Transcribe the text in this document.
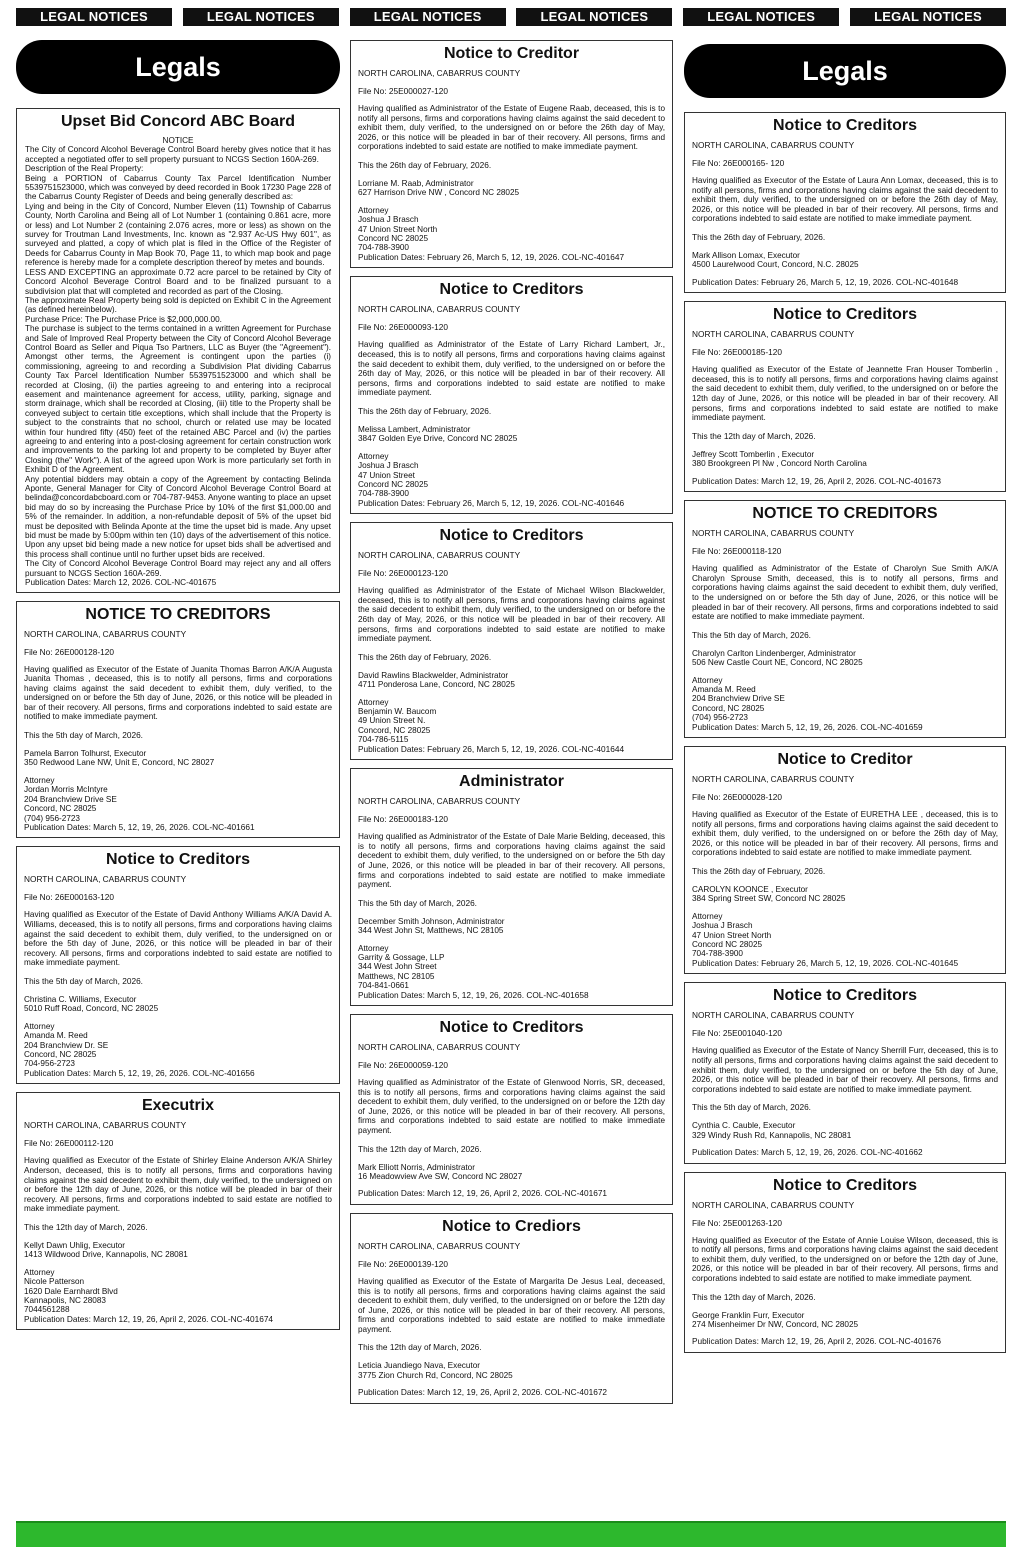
LEGAL NOTICES	LEGAL NOTICES	LEGAL NOTICES	LEGAL NOTICES	LEGAL NOTICES	LEGAL NOTICES
Legals
Upset Bid Concord ABC Board
NOTICE
The City of Concord Alcohol Beverage Control Board hereby gives notice that it has accepted a negotiated offer to sell property pursuant to NCGS Section 160A-269.
Description of the Real Property:
Being a PORTION of Cabarrus County Tax Parcel Identification Number 5539751523000, which was conveyed by deed recorded in Book 17230 Page 228 of the Cabarrus County Register of Deeds and being generally described as:
Lying and being in the City of Concord, Number Eleven (11) Township of Cabarrus County, North Carolina and Being all of Lot Number 1 (containing 0.861 acre, more or less) and Lot Number 2 (containing 2.076 acres, more or less) as shown on the survey for Troutman Land Investments, Inc. known as "2.937 Ac-US Hwy 601", as surveyed and platted, a copy of which plat is filed in the Office of the Register of Deeds for Cabarrus County in Map Book 70, Page 11, to which map book and page reference is hereby made for a complete description thereof by metes and bounds.
LESS AND EXCEPTING an approximate 0.72 acre parcel to be retained by City of Concord Alcohol Beverage Control Board and to be finalized pursuant to a subdivision plat that will completed and recorded as part of the Closing.
The approximate Real Property being sold is depicted on Exhibit C in the Agreement (as defined hereinbelow).
Purchase Price: The Purchase Price is $2,000,000.00.
The purchase is subject to the terms contained in a written Agreement for Purchase and Sale of Improved Real Property between the City of Concord Alcohol Beverage Control Board as Seller and Piqua Tso Partners, LLC as Buyer (the "Agreement"). Amongst other terms, the Agreement is contingent upon the parties (i) commissioning, agreeing to and recording a Subdivision Plat dividing Cabarrus County Tax Parcel Identification Number 5539751523000 and which shall be recorded at Closing, (ii) the parties agreeing to and entering into a reciprocal easement and maintenance agreement for access, utility, parking, signage and storm drainage, which shall be recorded at Closing, (iii) title to the Property shall be conveyed subject to certain title exceptions, which shall include that the Property is subject to the constraints that no school, church or related use may be located within four hundred fifty (450) feet of the retained ABC Parcel and (iv) the parties agreeing to and entering into a post-closing agreement for certain construction work and improvements to the parking lot and property to be completed by Buyer after Closing (the" Work"). A list of the agreed upon Work is more particularly set forth in Exhibit D of the Agreement.
Any potential bidders may obtain a copy of the Agreement by contacting Belinda Aponte, General Manager for City of Concord Alcohol Beverage Control Board at belinda@concordabcboard.com or 704-787-9453. Anyone wanting to place an upset bid may do so by increasing the Purchase Price by 10% of the first $1,000.00 and 5% of the remainder. In addition, a non-refundable deposit of 5% of the upset bid must be deposited with Belinda Aponte at the time the upset bid is made. Any upset bid must be made by 5:00pm within ten (10) days of the advertisement of this notice. Upon any upset bid being made a new notice for upset bids shall be advertised and this process shall continue until no further upset bids are received.
The City of Concord Alcohol Beverage Control Board may reject any and all offers pursuant to NCGS Section 160A-269.
Publication Dates: March 12, 2026. COL-NC-401675
NOTICE TO CREDITORS
NORTH CAROLINA, CABARRUS COUNTY
File No: 26E000128-120
Having qualified as Executor of the Estate of Juanita Thomas Barron A/K/A Augusta Juanita Thomas , deceased, this is to notify all persons, firms and corporations having claims against the said decedent to exhibit them, duly verified, to the undersigned on or before the 5th day of June, 2026, or this notice will be pleaded in bar of their recovery. All persons, firms and corporations indebted to said estate are notified to make immediate payment.
This the 5th day of March, 2026.
Pamela Barron Tolhurst, Executor
350 Redwood Lane NW, Unit E, Concord, NC 28027
Attorney
Jordan Morris McIntyre
204 Branchview Drive SE
Concord, NC 28025
(704) 956-2723
Publication Dates: March 5, 12, 19, 26, 2026. COL-NC-401661
Notice to Creditors
NORTH CAROLINA, CABARRUS COUNTY
File No: 26E000163-120
Having qualified as Executor of the Estate of David Anthony Williams A/K/A David A. Williams, deceased, this is to notify all persons, firms and corporations having claims against the said decedent to exhibit them, duly verified, to the undersigned on or before the 5th day of June, 2026, or this notice will be pleaded in bar of their recovery. All persons, firms and corporations indebted to said estate are notified to make immediate payment.
This the 5th day of March, 2026.
Christina C. Williams, Executor
5010 Ruff Road, Concord, NC 28025
Attorney
Amanda M. Reed
204 Branchview Dr. SE
Concord, NC 28025
704-956-2723
Publication Dates: March 5, 12, 19, 26, 2026. COL-NC-401656
Executrix
NORTH CAROLINA, CABARRUS COUNTY
File No: 26E000112-120
Having qualified as Executor of the Estate of Shirley Elaine Anderson A/K/A Shirley Anderson, deceased, this is to notify all persons, firms and corporations having claims against the said decedent to exhibit them, duly verified, to the undersigned on or before the 12th day of June, 2026, or this notice will be pleaded in bar of their recovery. All persons, firms and corporations indebted to said estate are notified to make immediate payment.
This the 12th day of March, 2026.
Kellyt Dawn Uhlig, Executor
1413 Wildwood Drive, Kannapolis, NC 28081
Attorney
Nicole Patterson
1620 Dale Earnhardt Blvd
Kannapolis, NC 28083
7044561288
Publication Dates: March 12, 19, 26, April 2, 2026. COL-NC-401674
Notice to Creditor
NORTH CAROLINA, CABARRUS COUNTY
File No: 25E000027-120
Having qualified as Administrator of the Estate of Eugene Raab, deceased, this is to notify all persons, firms and corporations having claims against the said decedent to exhibit them, duly verified, to the undersigned on or before the 26th day of May, 2026, or this notice will be pleaded in bar of their recovery. All persons, firms and corporations indebted to said estate are notified to make immediate payment.
This the 26th day of February, 2026.
Lorriane M. Raab, Administrator
627 Harrison Drive NW , Concord NC 28025
Attorney
Joshua J Brasch
47 Union Street North
Concord NC 28025
704-788-3900
Publication Dates: February 26, March 5, 12, 19, 2026. COL-NC-401647
Notice to Creditors
NORTH CAROLINA, CABARRUS COUNTY
File No: 26E000093-120
Having qualified as Administrator of the Estate of Larry Richard Lambert, Jr., deceased, this is to notify all persons, firms and corporations having claims against the said decedent to exhibit them, duly verified, to the undersigned on or before the 26th day of May, 2026, or this notice will be pleaded in bar of their recovery. All persons, firms and corporations indebted to said estate are notified to make immediate payment.
This the 26th day of February, 2026.
Melissa Lambert, Administrator
3847 Golden Eye Drive, Concord NC 28025
Attorney
Joshua J Brasch
47 Union Street
Concord NC 28025
704-788-3900
Publication Dates: February 26, March 5, 12, 19, 2026. COL-NC-401646
Notice to Creditors
NORTH CAROLINA, CABARRUS COUNTY
File No: 26E000123-120
Having qualified as Administrator of the Estate of Michael Wilson Blackwelder, deceased, this is to notify all persons, firms and corporations having claims against the said decedent to exhibit them, duly verified, to the undersigned on or before the 26th day of May, 2026, or this notice will be pleaded in bar of their recovery. All persons, firms and corporations indebted to said estate are notified to make immediate payment.
This the 26th day of February, 2026.
David Rawlins Blackwelder, Administrator
4711 Ponderosa Lane, Concord, NC 28025
Attorney
Benjamin W. Baucom
49 Union Street N.
Concord, NC 28025
704-786-5115
Publication Dates: February 26, March 5, 12, 19, 2026. COL-NC-401644
Administrator
NORTH CAROLINA, CABARRUS COUNTY
File No: 26E000183-120
Having qualified as Administrator of the Estate of Dale Marie Belding, deceased, this is to notify all persons, firms and corporations having claims against the said decedent to exhibit them, duly verified, to the undersigned on or before the 5th day of June, 2026, or this notice will be pleaded in bar of their recovery. All persons, firms and corporations indebted to said estate are notified to make immediate payment.
This the 5th day of March, 2026.
December Smith Johnson, Administrator
344 West John St, Matthews, NC 28105
Attorney
Garrity & Gossage, LLP
344 West John Street
Matthews, NC 28105
704-841-0661
Publication Dates: March 5, 12, 19, 26, 2026. COL-NC-401658
Notice to Creditors
NORTH CAROLINA, CABARRUS COUNTY
File No: 26E000059-120
Having qualified as Administrator of the Estate of Glenwood Norris, SR, deceased, this is to notify all persons, firms and corporations having claims against the said decedent to exhibit them, duly verified, to the undersigned on or before the 12th day of June, 2026, or this notice will be pleaded in bar of their recovery. All persons, firms and corporations indebted to said estate are notified to make immediate payment.
This the 12th day of March, 2026.
Mark Elliott Norris, Administrator
16 Meadowview Ave SW, Concord NC 28027
Publication Dates: March 12, 19, 26, April 2, 2026. COL-NC-401671
Notice to Crediors
NORTH CAROLINA, CABARRUS COUNTY
File No: 26E000139-120
Having qualified as Executor of the Estate of Margarita De Jesus Leal, deceased, this is to notify all persons, firms and corporations having claims against the said decedent to exhibit them, duly verified, to the undersigned on or before the 12th day of June, 2026, or this notice will be pleaded in bar of their recovery. All persons, firms and corporations indebted to said estate are notified to make immediate payment.
This the 12th day of March, 2026.
Leticia Juandiego Nava, Executor
3775 Zion Church Rd, Concord, NC 28025
Publication Dates: March 12, 19, 26, April 2, 2026. COL-NC-401672
Legals
Notice to Creditors
NORTH CAROLINA, CABARRUS COUNTY
File No: 26E000165- 120
Having qualified as Executor of the Estate of Laura Ann Lomax, deceased, this is to notify all persons, firms and corporations having claims against the said decedent to exhibit them, duly verified, to the undersigned on or before the 26th day of May, 2026, or this notice will be pleaded in bar of their recovery. All persons, firms and corporations indebted to said estate are notified to make immediate payment.
This the 26th day of February, 2026.
Mark Allison Lomax, Executor
4500 Laurelwood Court, Concord, N.C. 28025
Publication Dates: February 26, March 5, 12, 19, 2026. COL-NC-401648
Notice to Creditors
NORTH CAROLINA, CABARRUS COUNTY
File No: 26E000185-120
Having qualified as Executor of the Estate of Jeannette Fran Houser Tomberlin , deceased, this is to notify all persons, firms and corporations having claims against the said decedent to exhibit them, duly verified, to the undersigned on or before the 12th day of June, 2026, or this notice will be pleaded in bar of their recovery. All persons, firms and corporations indebted to said estate are notified to make immediate payment.
This the 12th day of March, 2026.
Jeffrey Scott Tomberlin , Executor
380 Brookgreen Pl Nw , Concord North Carolina
Publication Dates: March 12, 19, 26, April 2, 2026. COL-NC-401673
NOTICE TO CREDITORS
NORTH CAROLINA, CABARRUS COUNTY
File No: 26E000118-120
Having qualified as Administrator of the Estate of Charolyn Sue Smith A/K/A Charolyn Sprouse Smith, deceased, this is to notify all persons, firms and corporations having claims against the said decedent to exhibit them, duly verified, to the undersigned on or before the 5th day of June, 2026, or this notice will be pleaded in bar of their recovery. All persons, firms and corporations indebted to said estate are notified to make immediate payment.
This the 5th day of March, 2026.
Charolyn Carlton Lindenberger, Administrator
506 New Castle Court NE, Concord, NC 28025
Attorney
Amanda M. Reed
204 Branchview Drive SE
Concord, NC 28025
(704) 956-2723
Publication Dates: March 5, 12, 19, 26, 2026. COL-NC-401659
Notice to Creditor
NORTH CAROLINA, CABARRUS COUNTY
File No: 26E000028-120
Having qualified as Executor of the Estate of EURETHA LEE , deceased, this is to notify all persons, firms and corporations having claims against the said decedent to exhibit them, duly verified, to the undersigned on or before the 26th day of May, 2026, or this notice will be pleaded in bar of their recovery. All persons, firms and corporations indebted to said estate are notified to make immediate payment.
This the 26th day of February, 2026.
CAROLYN KOONCE , Executor
384 Spring Street SW, Concord NC 28025
Attorney
Joshua J Brasch
47 Union Street North
Concord NC 28025
704-788-3900
Publication Dates: February 26, March 5, 12, 19, 2026. COL-NC-401645
Notice to Creditors
NORTH CAROLINA, CABARRUS COUNTY
File No: 25E001040-120
Having qualified as Executor of the Estate of Nancy Sherrill Furr, deceased, this is to notify all persons, firms and corporations having claims against the said decedent to exhibit them, duly verified, to the undersigned on or before the 5th day of June, 2026, or this notice will be pleaded in bar of their recovery. All persons, firms and corporations indebted to said estate are notified to make immediate payment.
This the 5th day of March, 2026.
Cynthia C. Cauble, Executor
329 Windy Rush Rd, Kannapolis, NC 28081
Publication Dates: March 5, 12, 19, 26, 2026. COL-NC-401662
Notice to Creditors
NORTH CAROLINA, CABARRUS COUNTY
File No: 25E001263-120
Having qualified as Executor of the Estate of Annie Louise Wilson, deceased, this is to notify all persons, firms and corporations having claims against the said decedent to exhibit them, duly verified, to the undersigned on or before the 12th day of June, 2026, or this notice will be pleaded in bar of their recovery. All persons, firms and corporations indebted to said estate are notified to make immediate payment.
This the 12th day of March, 2026.
George Franklin Furr, Executor
274 Misenheimer Dr NW, Concord, NC 28025
Publication Dates: March 12, 19, 26, April 2, 2026. COL-NC-401676
